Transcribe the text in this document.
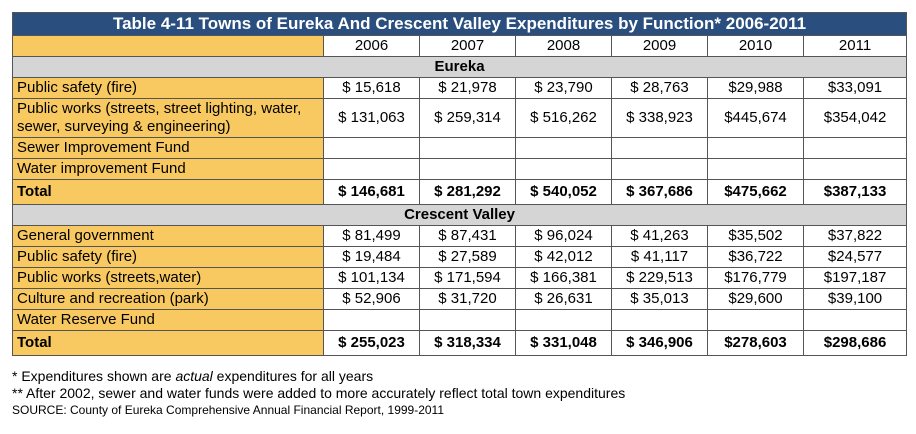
Table 4-11 Towns of Eureka And Crescent Valley Expenditures by Function* 2006-2011						
	2006	2007	2008	2009	2010	2011
Eureka						
Public safety (fire)	$ 15,618	$ 21,978	$ 23,790	$ 28,763	$29,988	$33,091
Public works (streets, street lighting, water, sewer, surveying & engineering)	$ 131,063	$ 259,314	$ 516,262	$ 338,923	$445,674	$354,042
Sewer Improvement Fund						
Water improvement Fund						
Total	$ 146,681	$ 281,292	$ 540,052	$ 367,686	$475,662	$387,133
Crescent Valley						
General government	$ 81,499	$ 87,431	$ 96,024	$ 41,263	$35,502	$37,822
Public safety (fire)	$ 19,484	$ 27,589	$ 42,012	$ 41,117	$36,722	$24,577
Public works (streets,water)	$ 101,134	$ 171,594	$ 166,381	$ 229,513	$176,779	$197,187
Culture and recreation (park)	$ 52,906	$ 31,720	$ 26,631	$ 35,013	$29,600	$39,100
Water Reserve Fund						
Total	$ 255,023	$ 318,334	$ 331,048	$ 346,906	$278,603	$298,686
* Expenditures shown are actual expenditures for all years
** After 2002, sewer and water funds were added to more accurately reflect total town expenditures
SOURCE: County of Eureka Comprehensive Annual Financial Report, 1999-2011
